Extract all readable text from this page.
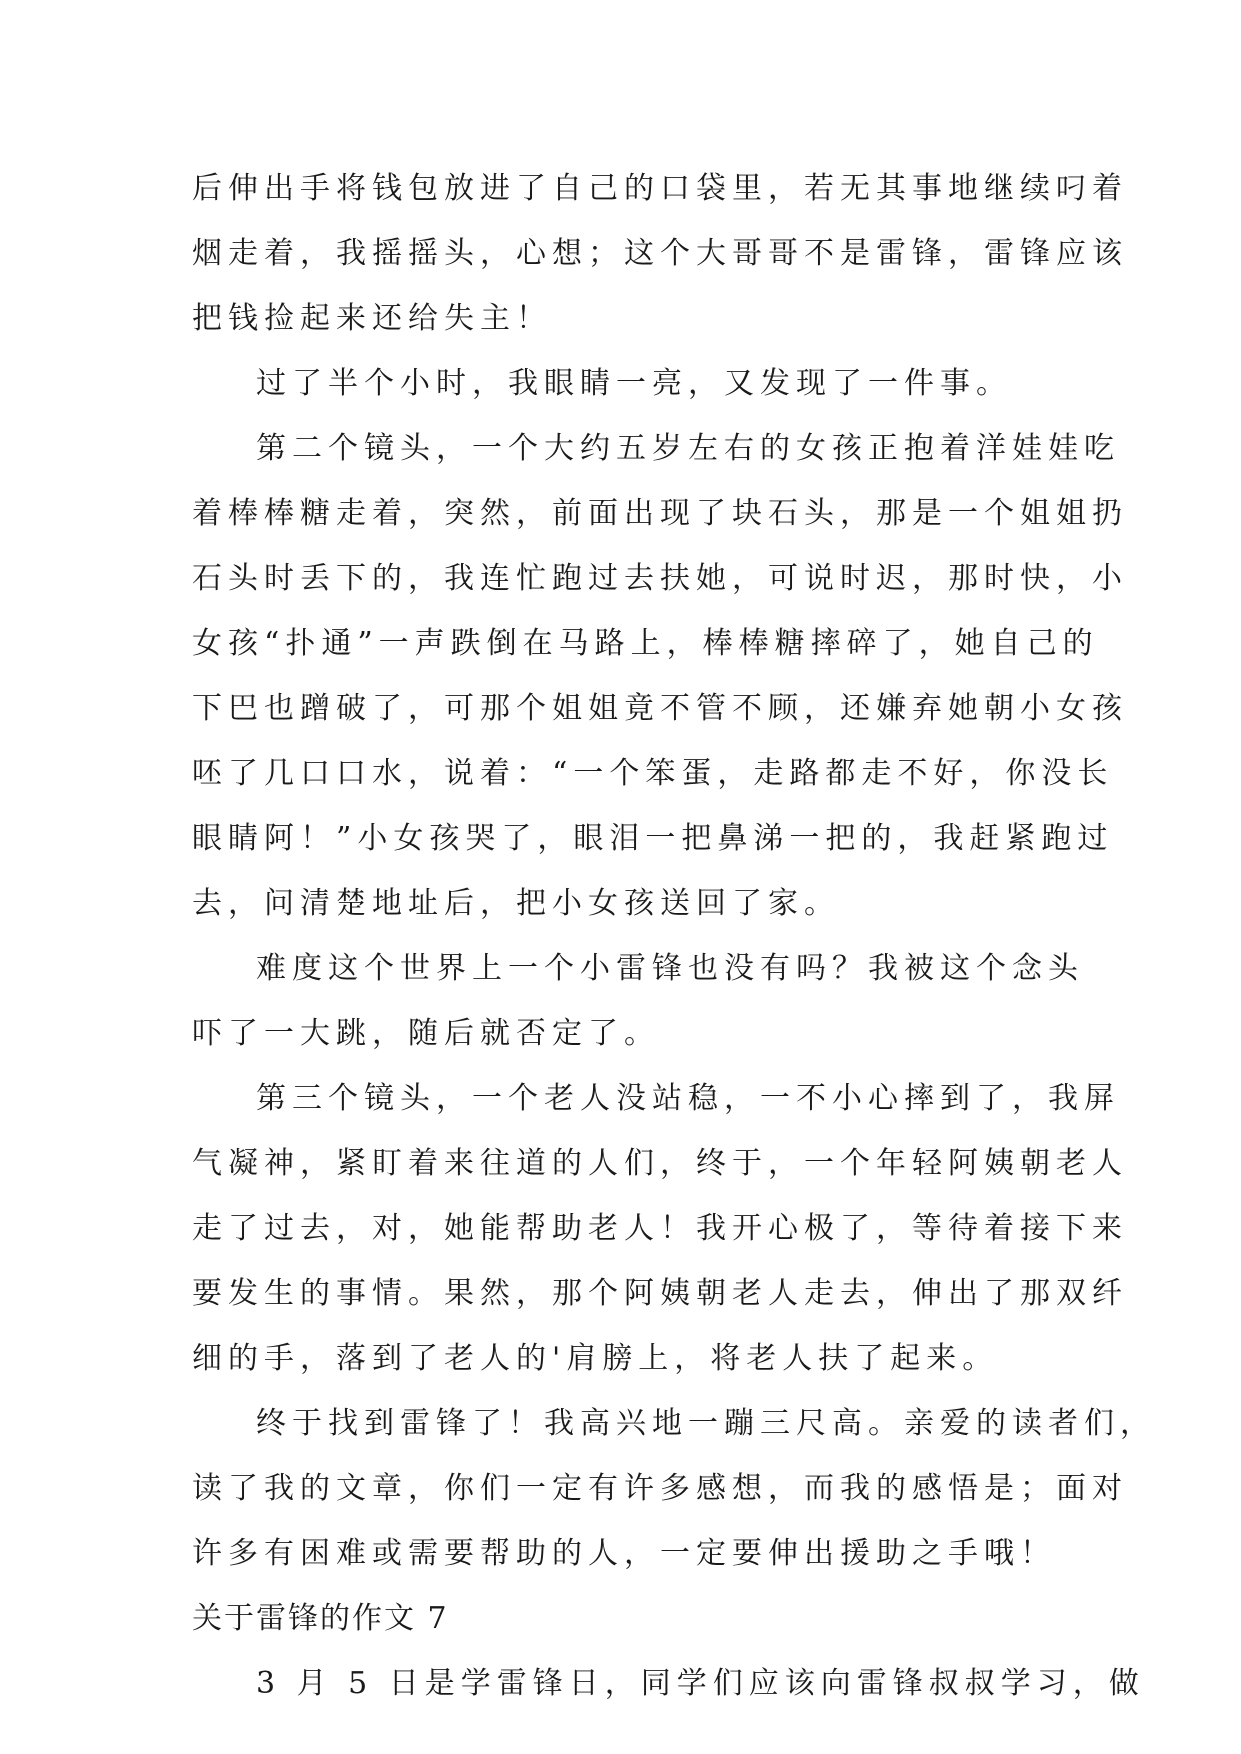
后伸出手将钱包放进了自己的口袋里，若无其事地继续叼着
烟走着，我摇摇头，心想；这个大哥哥不是雷锋，雷锋应该
把钱捡起来还给失主！
过了半个小时，我眼睛一亮，又发现了一件事。
第二个镜头，一个大约五岁左右的女孩正抱着洋娃娃吃
着棒棒糖走着，突然，前面出现了块石头，那是一个姐姐扔
石头时丢下的，我连忙跑过去扶她，可说时迟，那时快，小
女孩“扑通”一声跌倒在马路上，棒棒糖摔碎了，她自己的
下巴也蹭破了，可那个姐姐竟不管不顾，还嫌弃她朝小女孩
呸了几口口水，说着：“一个笨蛋，走路都走不好，你没长
眼睛阿！”小女孩哭了，眼泪一把鼻涕一把的，我赶紧跑过
去，问清楚地址后，把小女孩送回了家。
难度这个世界上一个小雷锋也没有吗？我被这个念头
吓了一大跳，随后就否定了。
第三个镜头，一个老人没站稳，一不小心摔到了，我屏
气凝神，紧盯着来往道的人们，终于，一个年轻阿姨朝老人
走了过去，对，她能帮助老人！我开心极了，等待着接下来
要发生的事情。果然，那个阿姨朝老人走去，伸出了那双纤
细的手，落到了老人的'肩膀上，将老人扶了起来。
终于找到雷锋了！我高兴地一蹦三尺高。亲爱的读者们，
读了我的文章，你们一定有许多感想，而我的感悟是；面对
许多有困难或需要帮助的人，一定要伸出援助之手哦！
关于雷锋的作文 7
3 月 5 日是学雷锋日，同学们应该向雷锋叔叔学习，做
